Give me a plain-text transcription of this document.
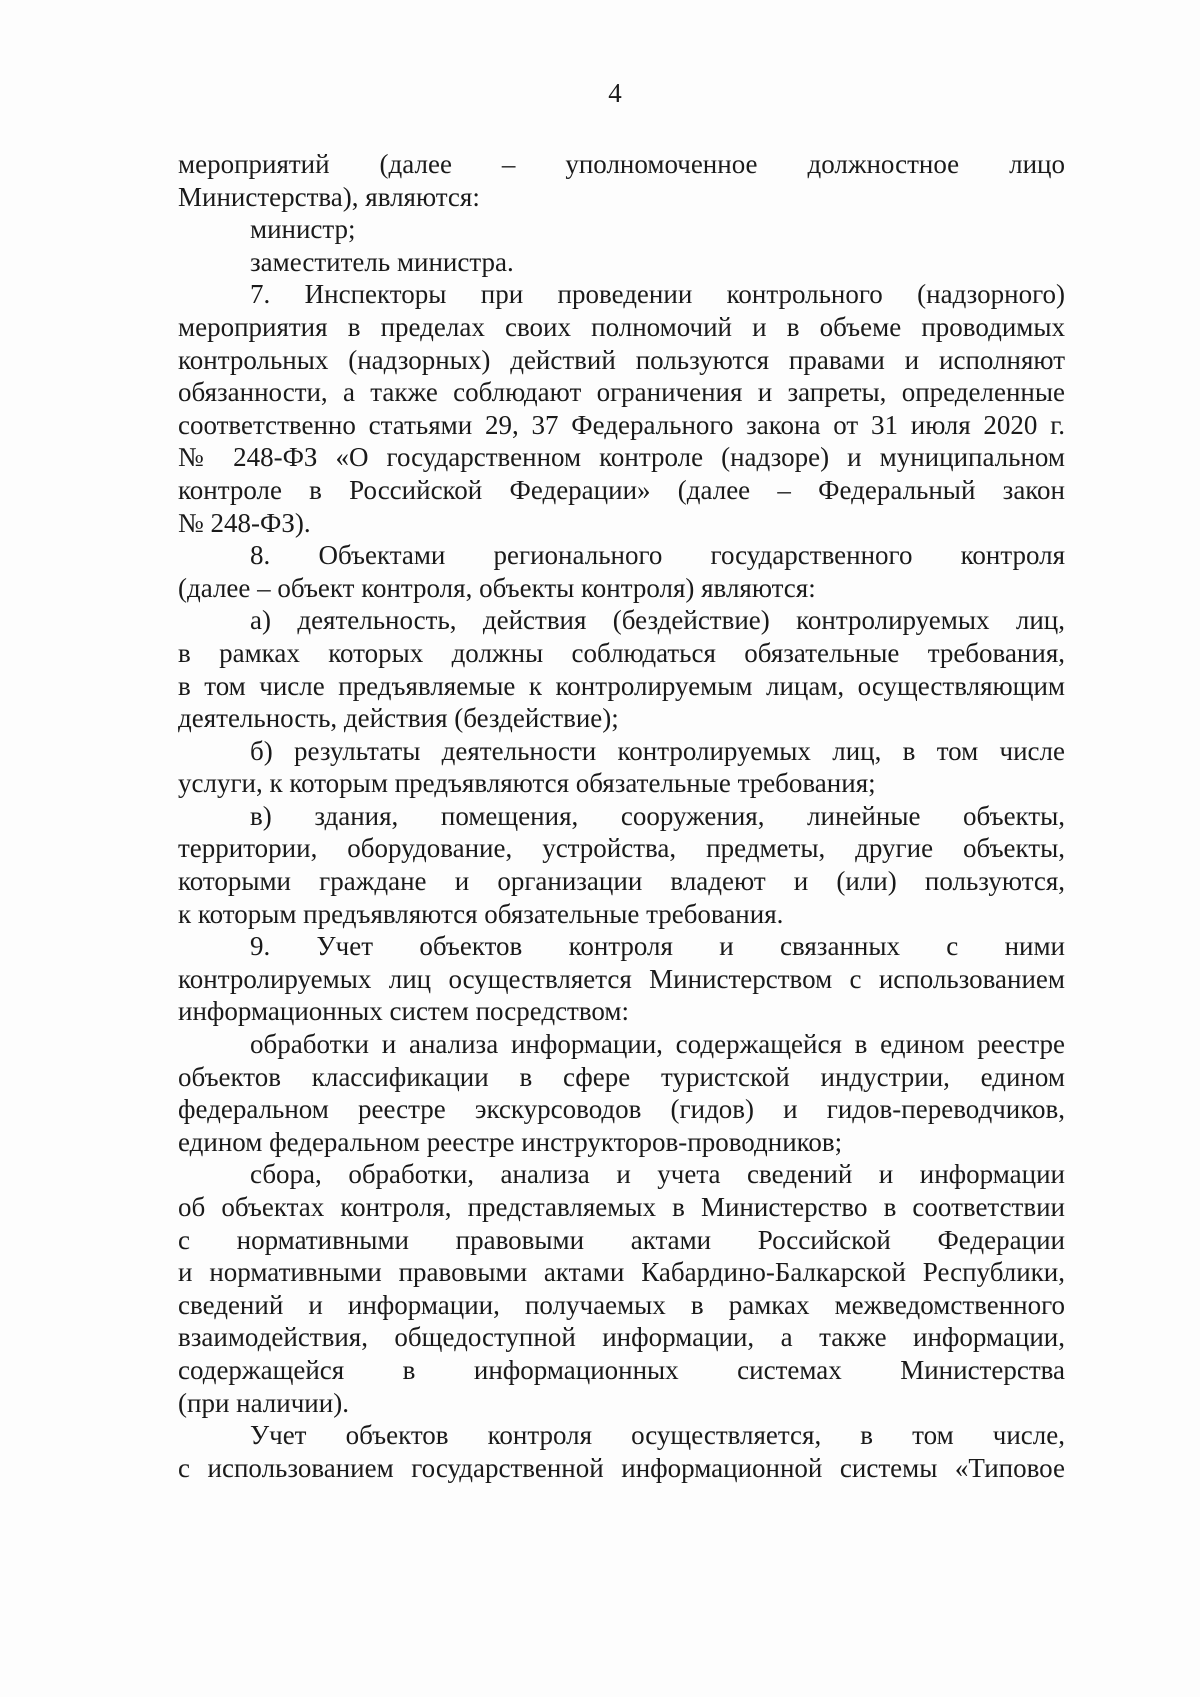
4
мероприятий (далее – уполномоченное должностное лицо
Министерства), являются:
министр;
заместитель министра.
7. Инспекторы при проведении контрольного (надзорного)
мероприятия в пределах своих полномочий и в объеме проводимых
контрольных (надзорных) действий пользуются правами и исполняют
обязанности, а также соблюдают ограничения и запреты, определенные
соответственно статьями 29, 37 Федерального закона от 31 июля 2020 г.
№ 248-ФЗ «О государственном контроле (надзоре) и муниципальном
контроле в Российской Федерации» (далее – Федеральный закон
№ 248-ФЗ).
8. Объектами регионального государственного контроля
(далее – объект контроля, объекты контроля) являются:
а) деятельность, действия (бездействие) контролируемых лиц,
в рамках которых должны соблюдаться обязательные требования,
в том числе предъявляемые к контролируемым лицам, осуществляющим
деятельность, действия (бездействие);
б) результаты деятельности контролируемых лиц, в том числе
услуги, к которым предъявляются обязательные требования;
в) здания, помещения, сооружения, линейные объекты,
территории, оборудование, устройства, предметы, другие объекты,
которыми граждане и организации владеют и (или) пользуются,
к которым предъявляются обязательные требования.
9. Учет объектов контроля и связанных с ними
контролируемых лиц осуществляется Министерством с использованием
информационных систем посредством:
обработки и анализа информации, содержащейся в едином реестре
объектов классификации в сфере туристской индустрии, едином
федеральном реестре экскурсоводов (гидов) и гидов-переводчиков,
едином федеральном реестре инструкторов-проводников;
сбора, обработки, анализа и учета сведений и информации
об объектах контроля, представляемых в Министерство в соответствии
с нормативными правовыми актами Российской Федерации
и нормативными правовыми актами Кабардино-Балкарской Республики,
сведений и информации, получаемых в рамках межведомственного
взаимодействия, общедоступной информации, а также информации,
содержащейся в информационных системах Министерства
(при наличии).
Учет объектов контроля осуществляется, в том числе,
с использованием государственной информационной системы «Типовое
